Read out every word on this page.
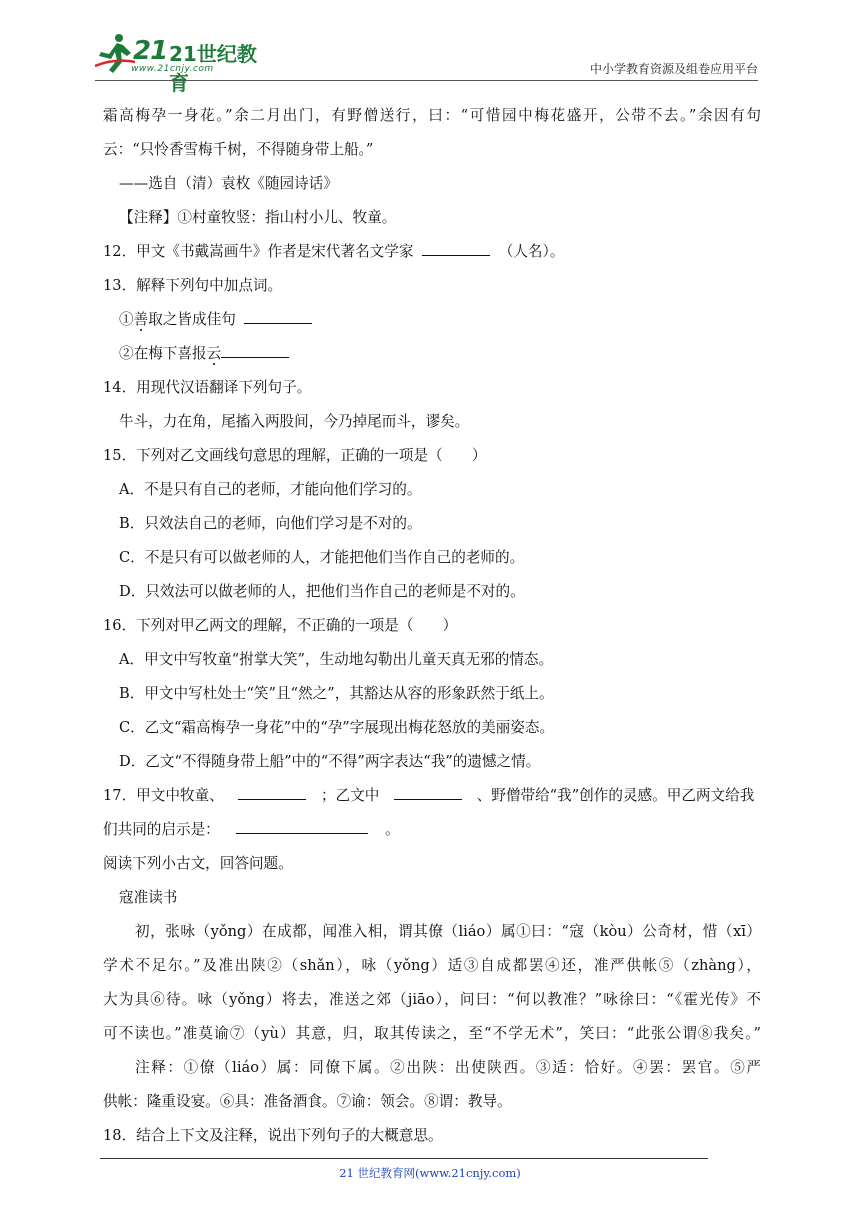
21 21世纪教育
www.21cnjy.com	中小学教育资源及组卷应用平台
霜高梅孕一身花。”余二月出门，有野僧送行，曰：“可惜园中梅花盛开，公带不去。”余因有句
云：“只怜香雪梅千树，不得随身带上船。”
——选自（清）袁枚《随园诗话》
【注释】①村童牧竖：指山村小儿、牧童。
12．甲文《书戴嵩画牛》作者是宋代著名文学家	（人名）。
13．解释下列句中加点词。
①善取之皆成佳句
②在梅下喜报云
14．用现代汉语翻译下列句子。
牛斗，力在角，尾搐入两股间，今乃掉尾而斗，谬矣。
15．下列对乙文画线句意思的理解，正确的一项是（　　）
A．不是只有自己的老师，才能向他们学习的。
B．只效法自己的老师，向他们学习是不对的。
C．不是只有可以做老师的人，才能把他们当作自己的老师的。
D．只效法可以做老师的人，把他们当作自己的老师是不对的。
16．下列对甲乙两文的理解，不正确的一项是（　　）
A．甲文中写牧童“拊掌大笑”，生动地勾勒出儿童天真无邪的情态。
B．甲文中写杜处士“笑”且“然之”，其豁达从容的形象跃然于纸上。
C．乙文“霜高梅孕一身花”中的“孕”字展现出梅花怒放的美丽姿态。
D．乙文“不得随身带上船”中的“不得”两字表达“我”的遗憾之情。
17．甲文中牧童、	；乙文中	、野僧带给“我”创作的灵感。甲乙两文给我
们共同的启示是：	。
阅读下列小古文，回答问题。
寇准读书
初，张咏（yǒng）在成都，闻准入相，谓其僚（liáo）属①曰：“寇（kòu）公奇材，惜（xī）
学术不足尔。”及准出陕②（shǎn），咏（yǒng）适③自成都罢④还，准严供帐⑤（zhàng），
大为具⑥待。咏（yǒng）将去，准送之郊（jiāo），问曰：“何以教准？”咏徐曰：“《霍光传》不
可不读也。”准莫谕⑦（yù）其意，归，取其传读之，至“不学无术”，笑曰：“此张公谓⑧我矣。”
注释：①僚（liáo）属：同僚下属。②出陕：出使陕西。③适：恰好。④罢：罢官。⑤严
供帐：隆重设宴。⑥具：准备酒食。⑦谕：领会。⑧谓：教导。
18．结合上下文及注释，说出下列句子的大概意思。
21 世纪教育网(www.21cnjy.com)
